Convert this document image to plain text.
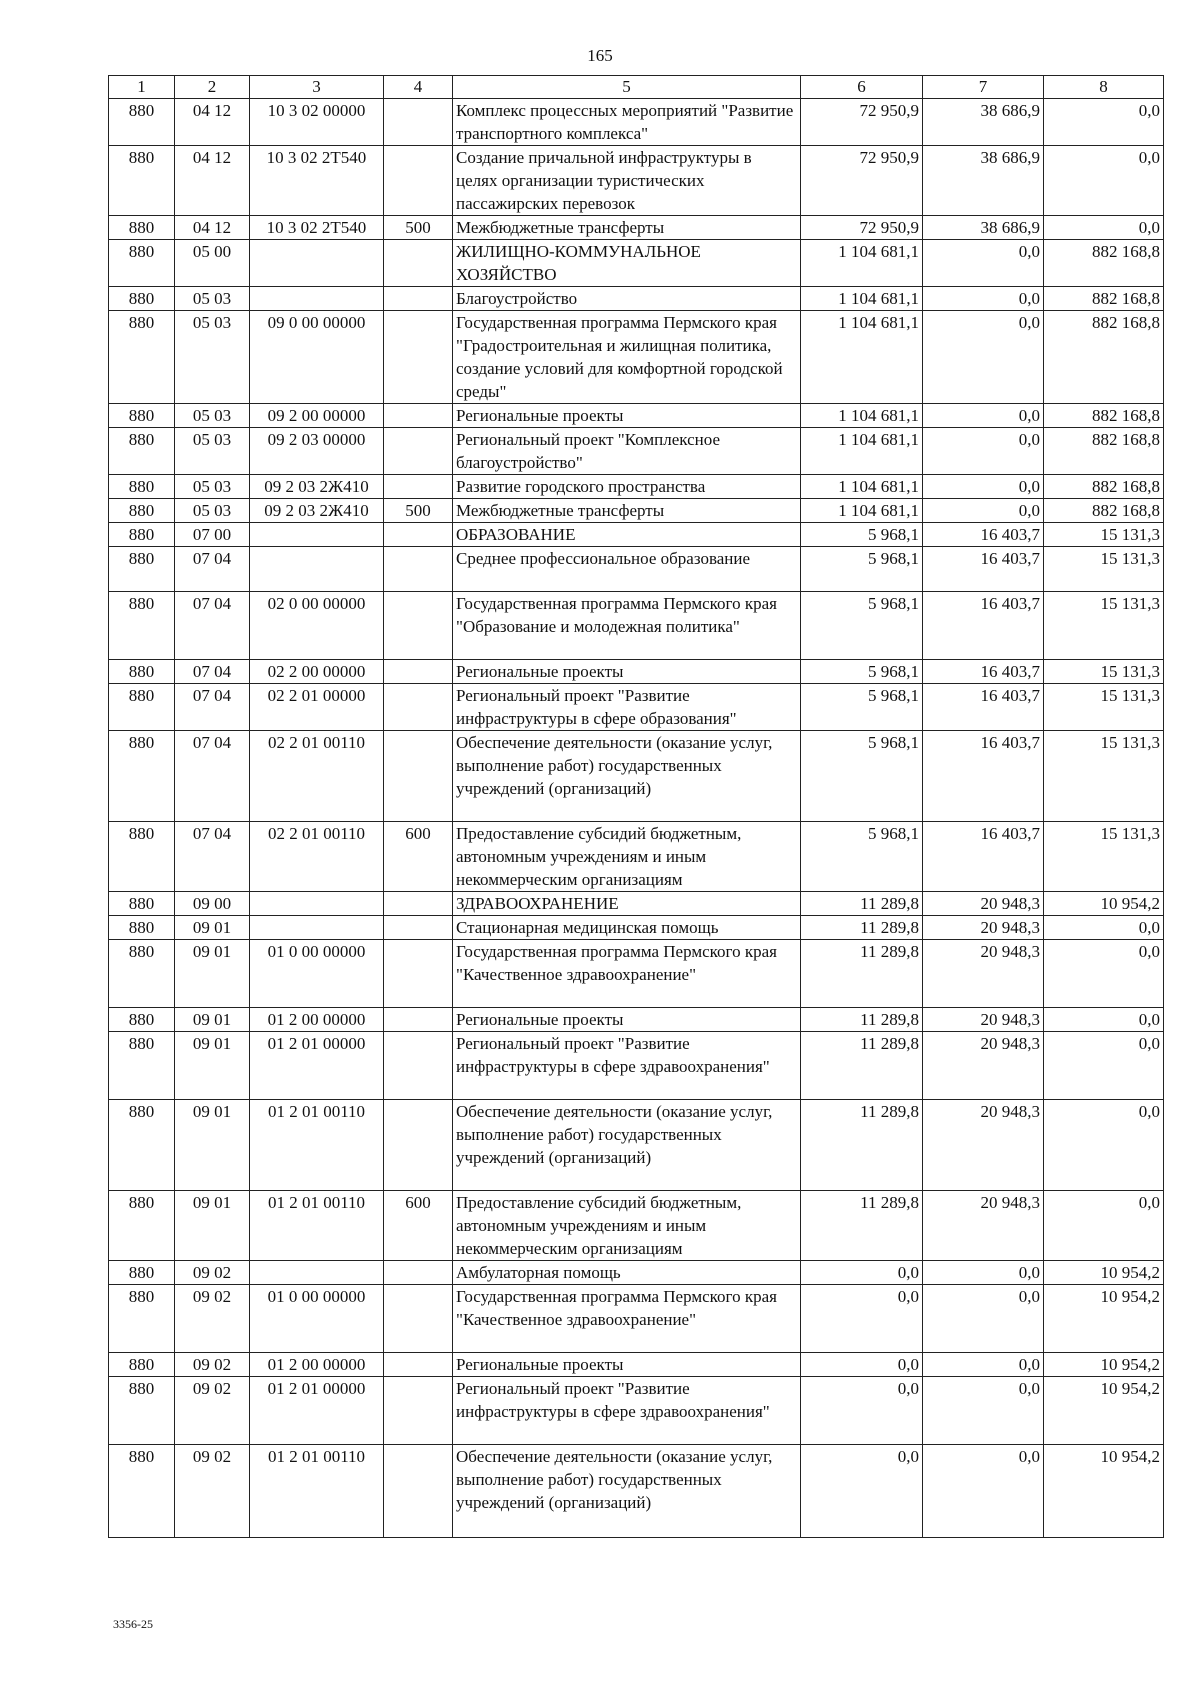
165
1	2	3	4	5	6	7	8
880	04 12	10 3 02 00000		Комплекс процессных мероприятий "Развитие транспортного комплекса"	72 950,9	38 686,9	0,0
880	04 12	10 3 02 2Т540		Создание причальной инфраструктуры в целях организации туристических пассажирских перевозок	72 950,9	38 686,9	0,0
880	04 12	10 3 02 2Т540	500	Межбюджетные трансферты	72 950,9	38 686,9	0,0
880	05 00			ЖИЛИЩНО-КОММУНАЛЬНОЕ ХОЗЯЙСТВО	1 104 681,1	0,0	882 168,8
880	05 03			Благоустройство	1 104 681,1	0,0	882 168,8
880	05 03	09 0 00 00000		Государственная программа Пермского края "Градостроительная и жилищная политика, создание условий для комфортной городской среды"	1 104 681,1	0,0	882 168,8
880	05 03	09 2 00 00000		Региональные проекты	1 104 681,1	0,0	882 168,8
880	05 03	09 2 03 00000		Региональный проект "Комплексное благоустройство"	1 104 681,1	0,0	882 168,8
880	05 03	09 2 03 2Ж410		Развитие городского пространства	1 104 681,1	0,0	882 168,8
880	05 03	09 2 03 2Ж410	500	Межбюджетные трансферты	1 104 681,1	0,0	882 168,8
880	07 00			ОБРАЗОВАНИЕ	5 968,1	16 403,7	15 131,3
880	07 04			Среднее профессиональное образование	5 968,1	16 403,7	15 131,3
880	07 04	02 0 00 00000		Государственная программа Пермского края "Образование и молодежная политика"	5 968,1	16 403,7	15 131,3
880	07 04	02 2 00 00000		Региональные проекты	5 968,1	16 403,7	15 131,3
880	07 04	02 2 01 00000		Региональный проект "Развитие инфраструктуры в сфере образования"	5 968,1	16 403,7	15 131,3
880	07 04	02 2 01 00110		Обеспечение деятельности (оказание услуг, выполнение работ) государственных учреждений (организаций)	5 968,1	16 403,7	15 131,3
880	07 04	02 2 01 00110	600	Предоставление субсидий бюджетным, автономным учреждениям и иным некоммерческим организациям	5 968,1	16 403,7	15 131,3
880	09 00			ЗДРАВООХРАНЕНИЕ	11 289,8	20 948,3	10 954,2
880	09 01			Стационарная медицинская помощь	11 289,8	20 948,3	0,0
880	09 01	01 0 00 00000		Государственная программа Пермского края "Качественное здравоохранение"	11 289,8	20 948,3	0,0
880	09 01	01 2 00 00000		Региональные проекты	11 289,8	20 948,3	0,0
880	09 01	01 2 01 00000		Региональный проект "Развитие инфраструктуры в сфере здравоохранения"	11 289,8	20 948,3	0,0
880	09 01	01 2 01 00110		Обеспечение деятельности (оказание услуг, выполнение работ) государственных учреждений (организаций)	11 289,8	20 948,3	0,0
880	09 01	01 2 01 00110	600	Предоставление субсидий бюджетным, автономным учреждениям и иным некоммерческим организациям	11 289,8	20 948,3	0,0
880	09 02			Амбулаторная помощь	0,0	0,0	10 954,2
880	09 02	01 0 00 00000		Государственная программа Пермского края "Качественное здравоохранение"	0,0	0,0	10 954,2
880	09 02	01 2 00 00000		Региональные проекты	0,0	0,0	10 954,2
880	09 02	01 2 01 00000		Региональный проект "Развитие инфраструктуры в сфере здравоохранения"	0,0	0,0	10 954,2
880	09 02	01 2 01 00110		Обеспечение деятельности (оказание услуг, выполнение работ) государственных учреждений (организаций)	0,0	0,0	10 954,2
3356-25
